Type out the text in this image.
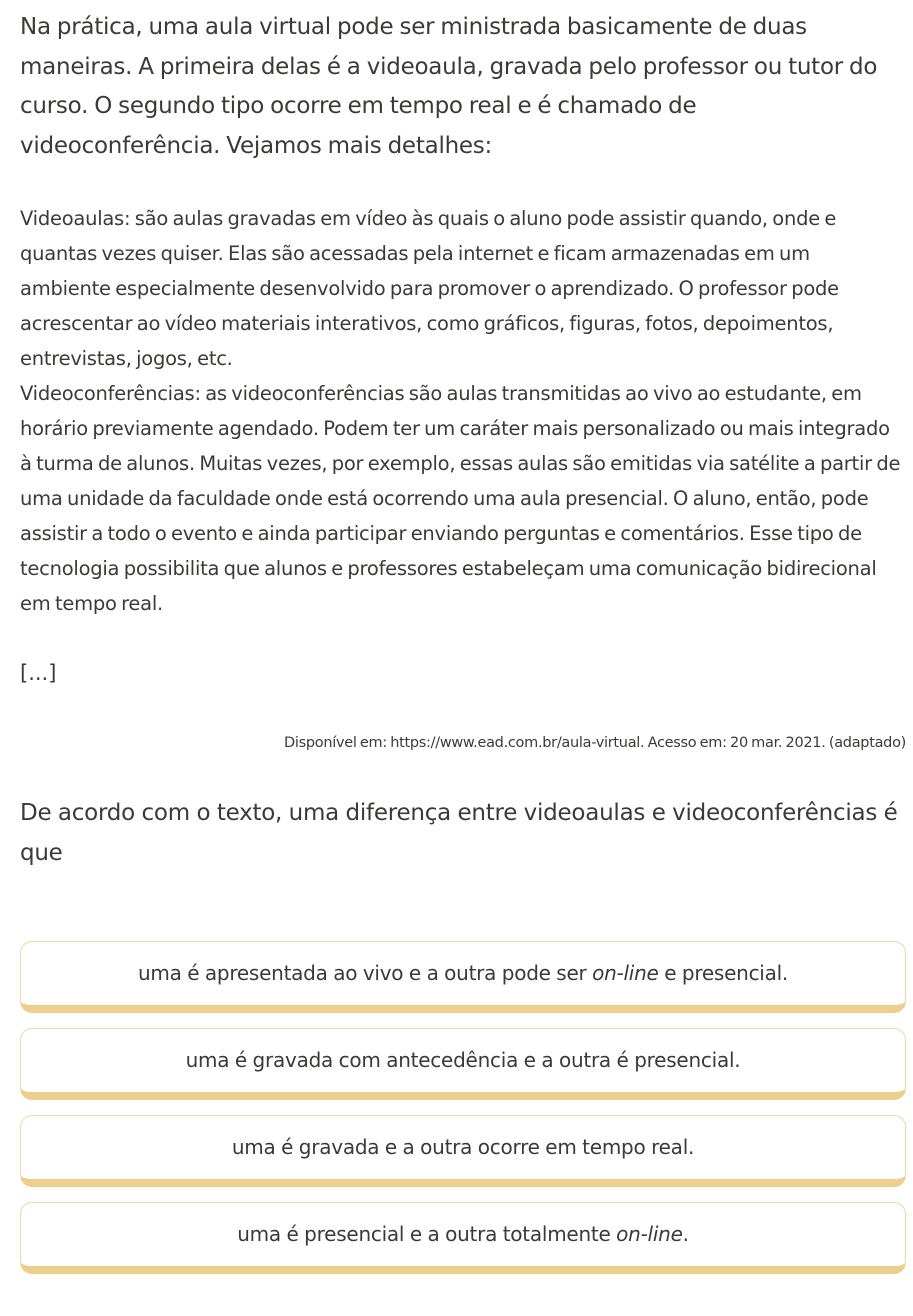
Na prática, uma aula virtual pode ser ministrada basicamente de duas maneiras. A primeira delas é a videoaula, gravada pelo professor ou tutor do curso. O segundo tipo ocorre em tempo real e é chamado de videoconferência. Vejamos mais detalhes:

Videoaulas: são aulas gravadas em vídeo às quais o aluno pode assistir quando, onde e quantas vezes quiser. Elas são acessadas pela internet e ficam armazenadas em um ambiente especialmente desenvolvido para promover o aprendizado. O professor pode acrescentar ao vídeo materiais interativos, como gráficos, figuras, fotos, depoimentos, entrevistas, jogos, etc.

Videoconferências: as videoconferências são aulas transmitidas ao vivo ao estudante, em horário previamente agendado. Podem ter um caráter mais personalizado ou mais integrado à turma de alunos. Muitas vezes, por exemplo, essas aulas são emitidas via satélite a partir de uma unidade da faculdade onde está ocorrendo uma aula presencial. O aluno, então, pode assistir a todo o evento e ainda participar enviando perguntas e comentários. Esse tipo de tecnologia possibilita que alunos e professores estabeleçam uma comunicação bidirecional em tempo real.

[...]

Disponível em: https://www.ead.com.br/aula-virtual. Acesso em: 20 mar. 2021. (adaptado)

De acordo com o texto, uma diferença entre videoaulas e videoconferências é que

uma é apresentada ao vivo e a outra pode ser on-line e presencial.
uma é gravada com antecedência e a outra é presencial.
uma é gravada e a outra ocorre em tempo real.
uma é presencial e a outra totalmente on-line.
